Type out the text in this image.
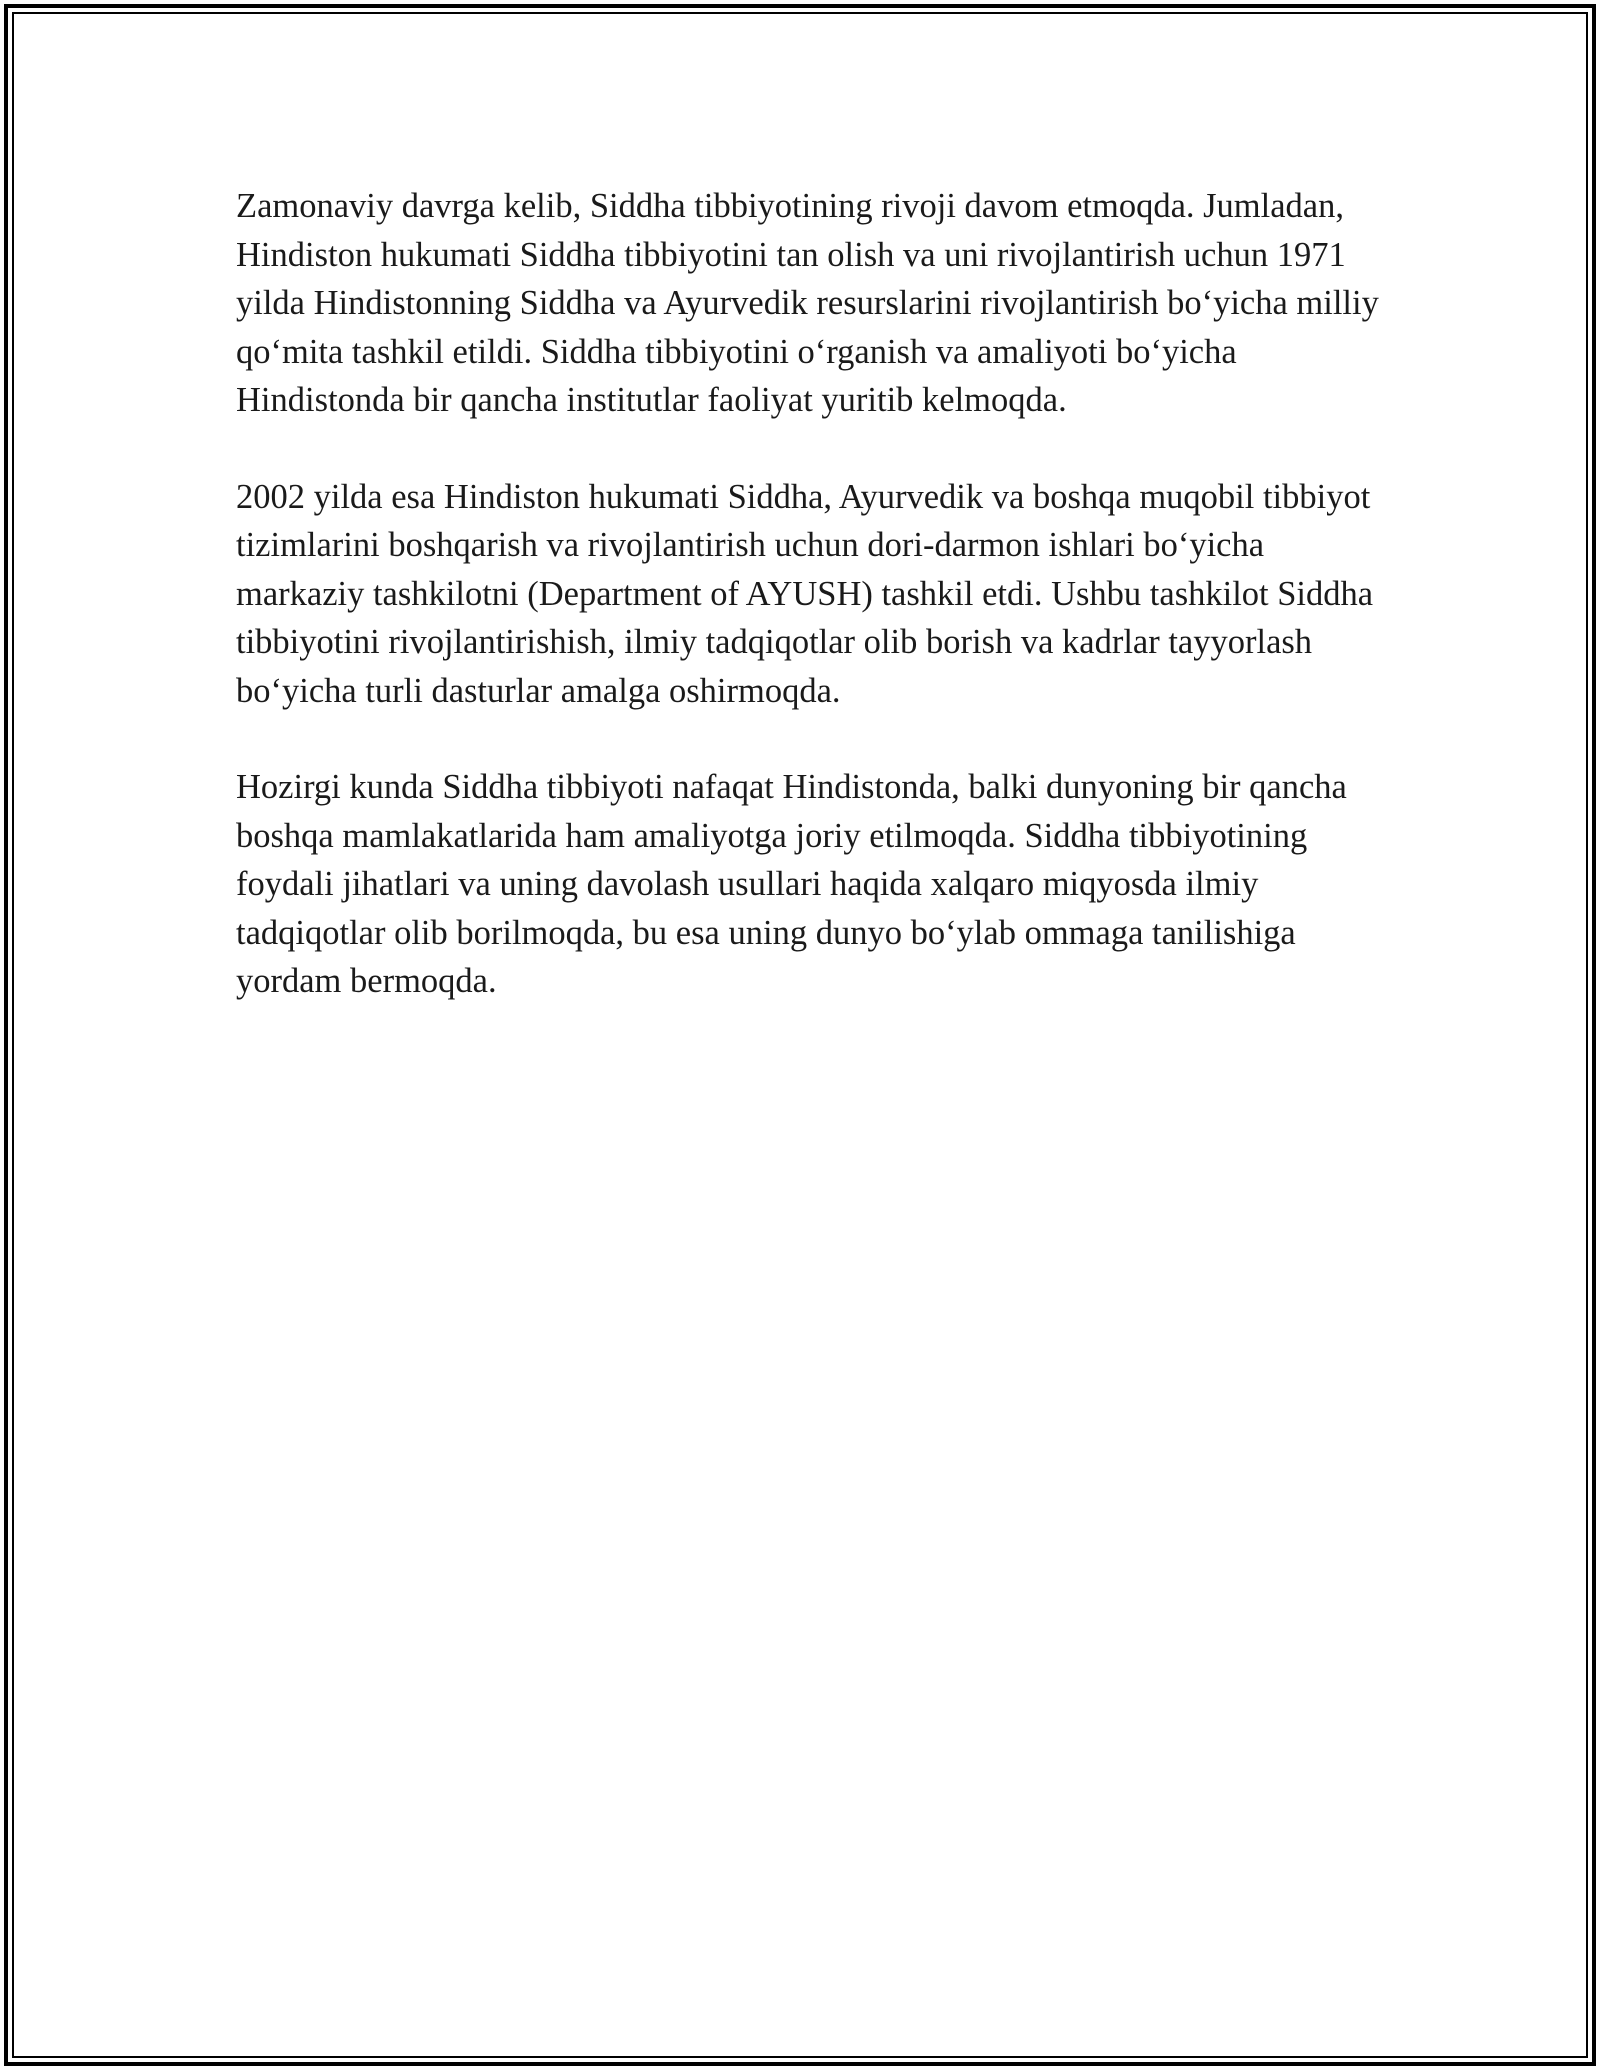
Zamonaviy davrga kelib, Siddha tibbiyotining rivoji davom etmoqda. Jumladan, Hindiston hukumati Siddha tibbiyotini tan olish va uni rivojlantirish uchun 1971 yilda Hindistonning Siddha va Ayurvedik resurslarini rivojlantirish bo‘yicha milliy qo‘mita tashkil etildi. Siddha tibbiyotini o‘rganish va amaliyoti bo‘yicha Hindistonda bir qancha institutlar faoliyat yuritib kelmoqda.

2002 yilda esa Hindiston hukumati Siddha, Ayurvedik va boshqa muqobil tibbiyot tizimlarini boshqarish va rivojlantirish uchun dori-darmon ishlari bo‘yicha markaziy tashkilotni (Department of AYUSH) tashkil etdi. Ushbu tashkilot Siddha tibbiyotini rivojlantirishish, ilmiy tadqiqotlar olib borish va kadrlar tayyorlash bo‘yicha turli dasturlar amalga oshirmoqda.

Hozirgi kunda Siddha tibbiyoti nafaqat Hindistonda, balki dunyoning bir qancha boshqa mamlakatlarida ham amaliyotga joriy etilmoqda. Siddha tibbiyotining foydali jihatlari va uning davolash usullari haqida xalqaro miqyosda ilmiy tadqiqotlar olib borilmoqda, bu esa uning dunyo bo‘ylab ommaga tanilishiga yordam bermoqda.
